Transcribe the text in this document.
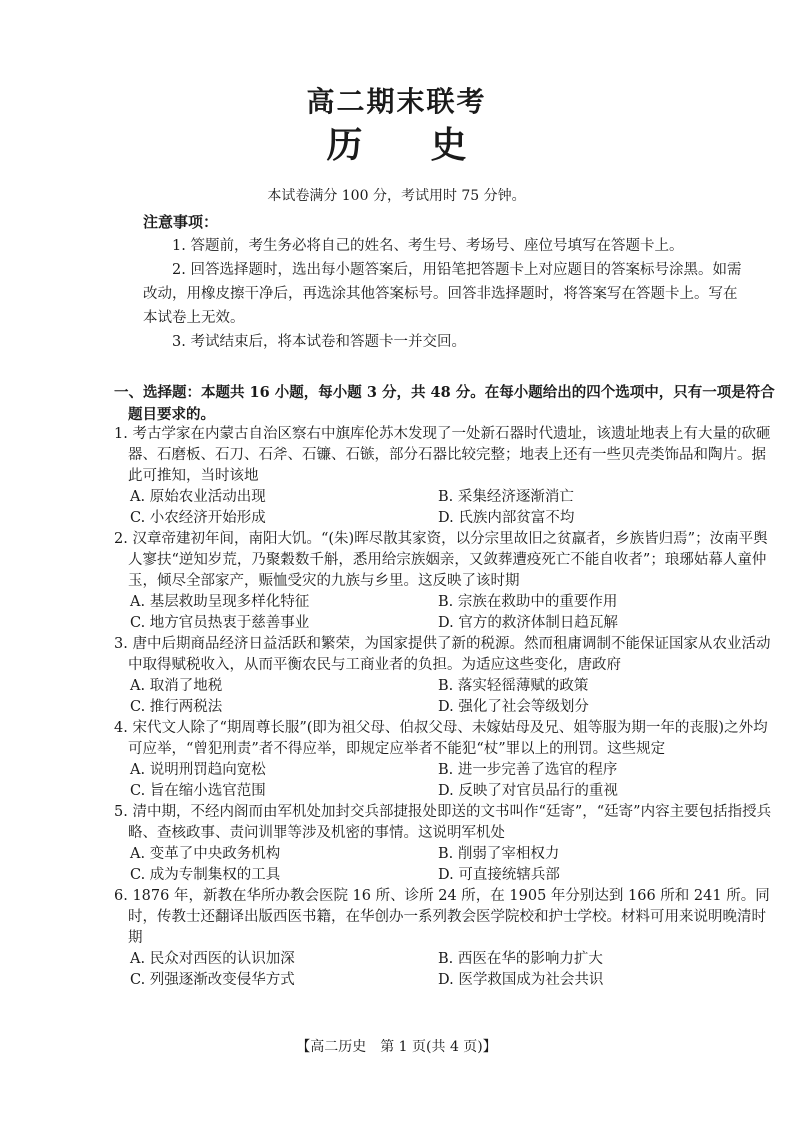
高二期末联考
历史
本试卷满分 100 分，考试用时 75 分钟。

注意事项：

1. 答题前，考生务必将自己的姓名、考生号、考场号、座位号填写在答题卡上。

2. 回答选择题时，选出每小题答案后，用铅笔把答题卡上对应题目的答案标号涂黑。如需改动，用橡皮擦干净后，再选涂其他答案标号。回答非选择题时，将答案写在答题卡上。写在本试卷上无效。

3. 考试结束后，将本试卷和答题卡一并交回。

一、选择题：本题共 16 小题，每小题 3 分，共 48 分。在每小题给出的四个选项中，只有一项是符合题目要求的。
1. 考古学家在内蒙古自治区察右中旗库伦苏木发现了一处新石器时代遗址，该遗址地表上有大量的砍砸器、石磨板、石刀、石斧、石镰、石镞，部分石器比较完整；地表上还有一些贝壳类饰品和陶片。据此可推知，当时该地
A. 原始农业活动出现	B. 采集经济逐渐消亡
C. 小农经济开始形成	D. 氏族内部贫富不均
2. 汉章帝建初年间，南阳大饥。“(朱)晖尽散其家资，以分宗里故旧之贫羸者，乡族皆归焉”；汝南平舆人寥扶“逆知岁荒，乃聚穀数千斛，悉用给宗族姻亲，又敛葬遭疫死亡不能自收者”；琅琊姑幕人童仲玉，倾尽全部家产，赈恤受灾的九族与乡里。这反映了该时期
A. 基层救助呈现多样化特征	B. 宗族在救助中的重要作用
C. 地方官员热衷于慈善事业	D. 官方的救济体制日趋瓦解
3. 唐中后期商品经济日益活跃和繁荣，为国家提供了新的税源。然而租庸调制不能保证国家从农业活动中取得赋税收入，从而平衡农民与工商业者的负担。为适应这些变化，唐政府
A. 取消了地税	B. 落实轻徭薄赋的政策
C. 推行两税法	D. 强化了社会等级划分
4. 宋代文人除了“期周尊长服”(即为祖父母、伯叔父母、未嫁姑母及兄、姐等服为期一年的丧服)之外均可应举，“曾犯刑责”者不得应举，即规定应举者不能犯“杖”罪以上的刑罚。这些规定
A. 说明刑罚趋向宽松	B. 进一步完善了选官的程序
C. 旨在缩小选官范围	D. 反映了对官员品行的重视
5. 清中期，不经内阁而由军机处加封交兵部捷报处即送的文书叫作“廷寄”，“廷寄”内容主要包括指授兵略、查核政事、责问训罪等涉及机密的事情。这说明军机处
A. 变革了中央政务机构	B. 削弱了宰相权力
C. 成为专制集权的工具	D. 可直接统辖兵部
6. 1876 年，新教在华所办教会医院 16 所、诊所 24 所，在 1905 年分别达到 166 所和 241 所。同时，传教士还翻译出版西医书籍，在华创办一系列教会医学院校和护士学校。材料可用来说明晚清时期
A. 民众对西医的认识加深	B. 西医在华的影响力扩大
C. 列强逐渐改变侵华方式	D. 医学救国成为社会共识
【高二历史　第 1 页(共 4 页)】
